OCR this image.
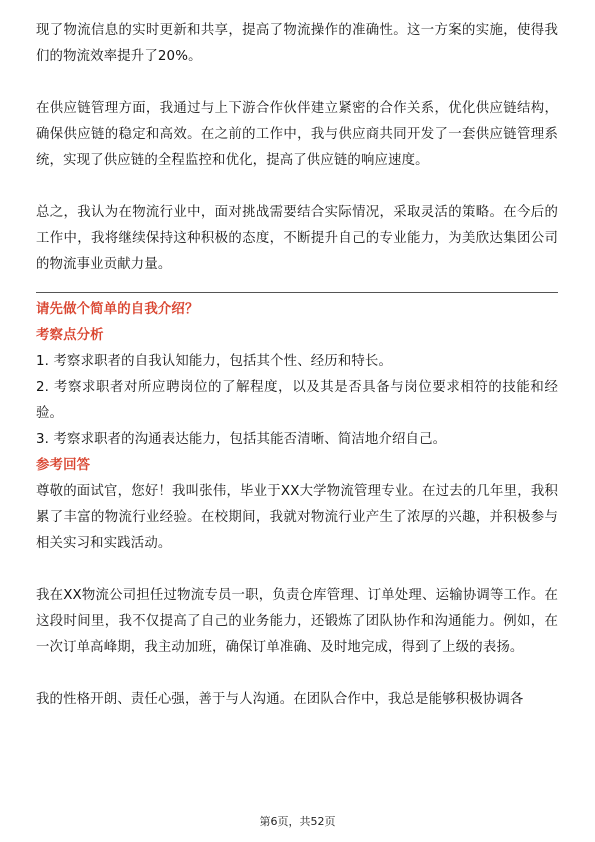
现了物流信息的实时更新和共享，提高了物流操作的准确性。这一方案的实施，使得我们的物流效率提升了20%。

在供应链管理方面，我通过与上下游合作伙伴建立紧密的合作关系，优化供应链结构，确保供应链的稳定和高效。在之前的工作中，我与供应商共同开发了一套供应链管理系统，实现了供应链的全程监控和优化，提高了供应链的响应速度。

总之，我认为在物流行业中，面对挑战需要结合实际情况，采取灵活的策略。在今后的工作中，我将继续保持这种积极的态度，不断提升自己的专业能力，为美欣达集团公司的物流事业贡献力量。

请先做个简单的自我介绍？

考察点分析

1. 考察求职者的自我认知能力，包括其个性、经历和特长。

2. 考察求职者对所应聘岗位的了解程度，以及其是否具备与岗位要求相符的技能和经验。

3. 考察求职者的沟通表达能力，包括其能否清晰、简洁地介绍自己。

参考回答

尊敬的面试官，您好！我叫张伟，毕业于XX大学物流管理专业。在过去的几年里，我积累了丰富的物流行业经验。在校期间，我就对物流行业产生了浓厚的兴趣，并积极参与相关实习和实践活动。

我在XX物流公司担任过物流专员一职，负责仓库管理、订单处理、运输协调等工作。在这段时间里，我不仅提高了自己的业务能力，还锻炼了团队协作和沟通能力。例如，在一次订单高峰期，我主动加班，确保订单准确、及时地完成，得到了上级的表扬。

我的性格开朗、责任心强，善于与人沟通。在团队合作中，我总是能够积极协调各

第6页，共52页
